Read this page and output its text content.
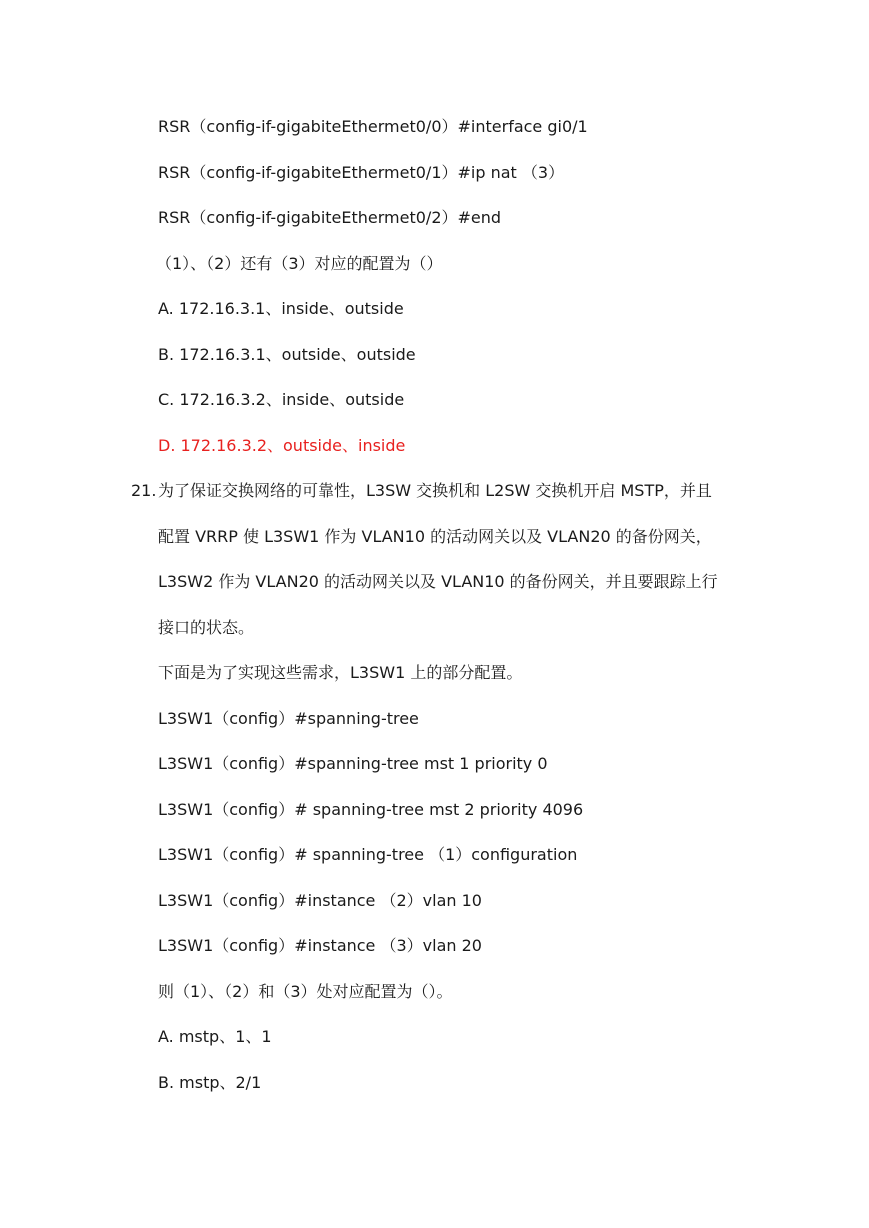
RSR（config-if-gigabiteEthermet0/0）#interface gi0/1
RSR（config-if-gigabiteEthermet0/1）#ip nat （3）
RSR（config-if-gigabiteEthermet0/2）#end
（1）、（2）还有（3）对应的配置为（）
A. 172.16.3.1、inside、outside
B. 172.16.3.1、outside、outside
C. 172.16.3.2、inside、outside
D. 172.16.3.2、outside、inside
21. 为了保证交换网络的可靠性，L3SW 交换机和 L2SW 交换机开启 MSTP，并且
配置 VRRP 使 L3SW1 作为 VLAN10 的活动网关以及 VLAN20 的备份网关，
L3SW2 作为 VLAN20 的活动网关以及 VLAN10 的备份网关，并且要跟踪上行
接口的状态。
下面是为了实现这些需求，L3SW1 上的部分配置。
L3SW1（config）#spanning-tree
L3SW1（config）#spanning-tree mst 1 priority 0
L3SW1（config）# spanning-tree mst 2 priority 4096
L3SW1（config）# spanning-tree （1）configuration
L3SW1（config）#instance （2）vlan 10
L3SW1（config）#instance （3）vlan 20
则（1）、（2）和（3）处对应配置为（）。
A. mstp、1、1
B. mstp、2/1
